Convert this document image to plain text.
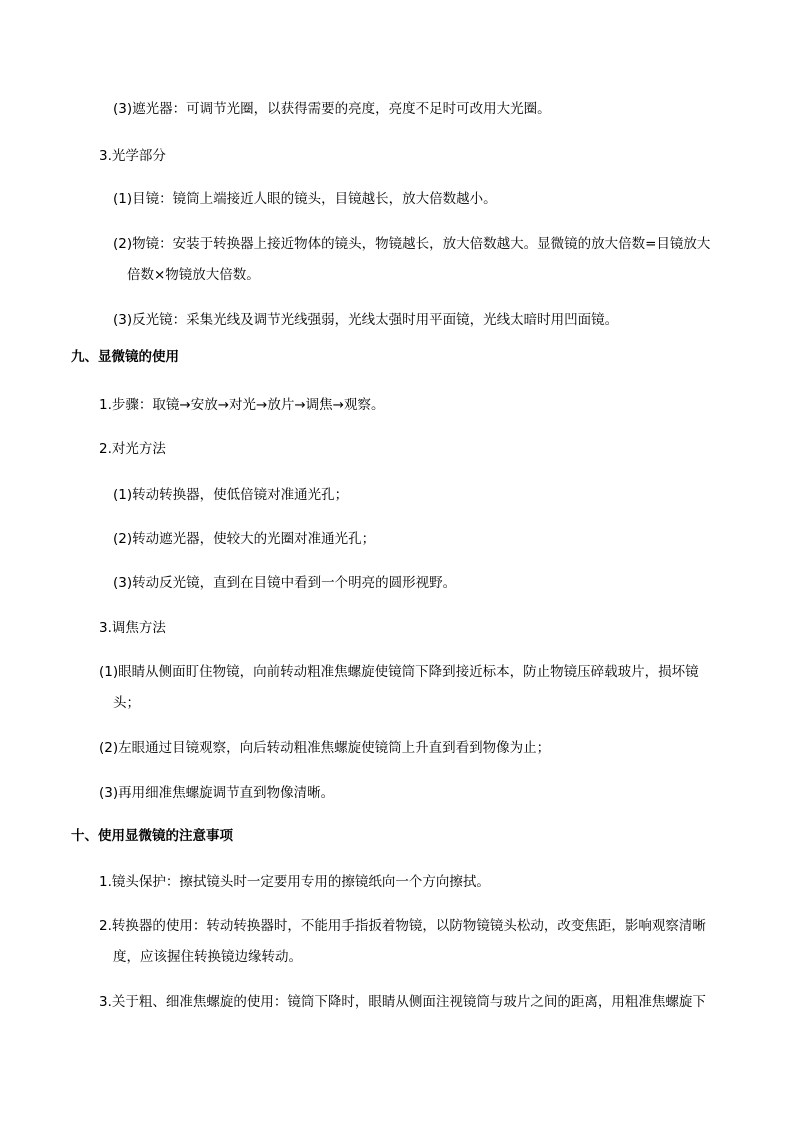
(3)遮光器：可调节光圈，以获得需要的亮度，亮度不足时可改用大光圈。
3.光学部分
(1)目镜：镜筒上端接近人眼的镜头，目镜越长，放大倍数越小。
(2)物镜：安装于转换器上接近物体的镜头，物镜越长，放大倍数越大。显微镜的放大倍数=目镜放大
倍数×物镜放大倍数。
(3)反光镜：采集光线及调节光线强弱，光线太强时用平面镜，光线太暗时用凹面镜。
九、显微镜的使用
1.步骤：取镜→安放→对光→放片→调焦→观察。
2.对光方法
(1)转动转换器，使低倍镜对准通光孔；
(2)转动遮光器，使较大的光圈对准通光孔；
(3)转动反光镜，直到在目镜中看到一个明亮的圆形视野。
3.调焦方法
(1)眼睛从侧面盯住物镜，向前转动粗准焦螺旋使镜筒下降到接近标本，防止物镜压碎载玻片，损坏镜
头；
(2)左眼通过目镜观察，向后转动粗准焦螺旋使镜筒上升直到看到物像为止；
(3)再用细准焦螺旋调节直到物像清晰。
十、使用显微镜的注意事项
1.镜头保护：擦拭镜头时一定要用专用的擦镜纸向一个方向擦拭。
2.转换器的使用：转动转换器时，不能用手指扳着物镜，以防物镜镜头松动，改变焦距，影响观察清晰
度，应该握住转换镜边缘转动。
3.关于粗、细准焦螺旋的使用：镜筒下降时，眼睛从侧面注视镜筒与玻片之间的距离，用粗准焦螺旋下
